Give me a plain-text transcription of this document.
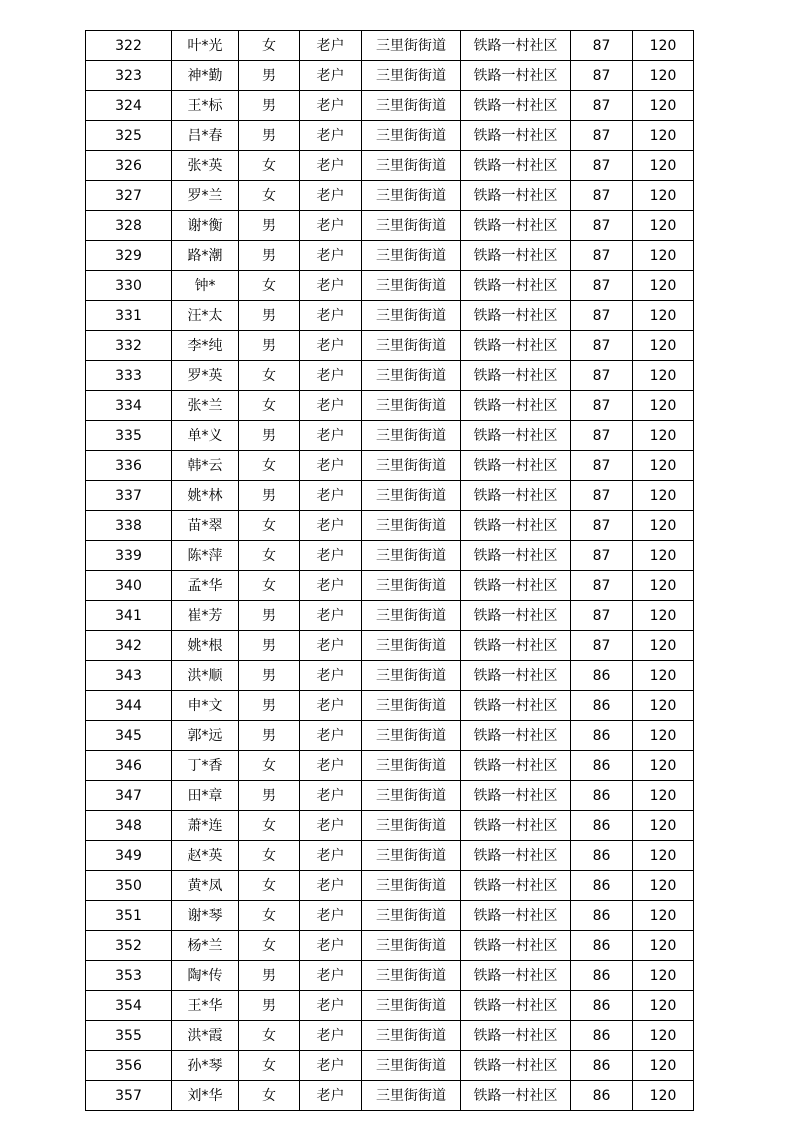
322	叶*光	女	老户	三里街街道	铁路一村社区	87	120
323	神*勤	男	老户	三里街街道	铁路一村社区	87	120
324	王*标	男	老户	三里街街道	铁路一村社区	87	120
325	吕*春	男	老户	三里街街道	铁路一村社区	87	120
326	张*英	女	老户	三里街街道	铁路一村社区	87	120
327	罗*兰	女	老户	三里街街道	铁路一村社区	87	120
328	谢*衡	男	老户	三里街街道	铁路一村社区	87	120
329	路*潮	男	老户	三里街街道	铁路一村社区	87	120
330	钟*	女	老户	三里街街道	铁路一村社区	87	120
331	汪*太	男	老户	三里街街道	铁路一村社区	87	120
332	李*纯	男	老户	三里街街道	铁路一村社区	87	120
333	罗*英	女	老户	三里街街道	铁路一村社区	87	120
334	张*兰	女	老户	三里街街道	铁路一村社区	87	120
335	单*义	男	老户	三里街街道	铁路一村社区	87	120
336	韩*云	女	老户	三里街街道	铁路一村社区	87	120
337	姚*林	男	老户	三里街街道	铁路一村社区	87	120
338	苗*翠	女	老户	三里街街道	铁路一村社区	87	120
339	陈*萍	女	老户	三里街街道	铁路一村社区	87	120
340	孟*华	女	老户	三里街街道	铁路一村社区	87	120
341	崔*芳	男	老户	三里街街道	铁路一村社区	87	120
342	姚*根	男	老户	三里街街道	铁路一村社区	87	120
343	洪*顺	男	老户	三里街街道	铁路一村社区	86	120
344	申*文	男	老户	三里街街道	铁路一村社区	86	120
345	郭*远	男	老户	三里街街道	铁路一村社区	86	120
346	丁*香	女	老户	三里街街道	铁路一村社区	86	120
347	田*章	男	老户	三里街街道	铁路一村社区	86	120
348	萧*连	女	老户	三里街街道	铁路一村社区	86	120
349	赵*英	女	老户	三里街街道	铁路一村社区	86	120
350	黄*凤	女	老户	三里街街道	铁路一村社区	86	120
351	谢*琴	女	老户	三里街街道	铁路一村社区	86	120
352	杨*兰	女	老户	三里街街道	铁路一村社区	86	120
353	陶*传	男	老户	三里街街道	铁路一村社区	86	120
354	王*华	男	老户	三里街街道	铁路一村社区	86	120
355	洪*霞	女	老户	三里街街道	铁路一村社区	86	120
356	孙*琴	女	老户	三里街街道	铁路一村社区	86	120
357	刘*华	女	老户	三里街街道	铁路一村社区	86	120
